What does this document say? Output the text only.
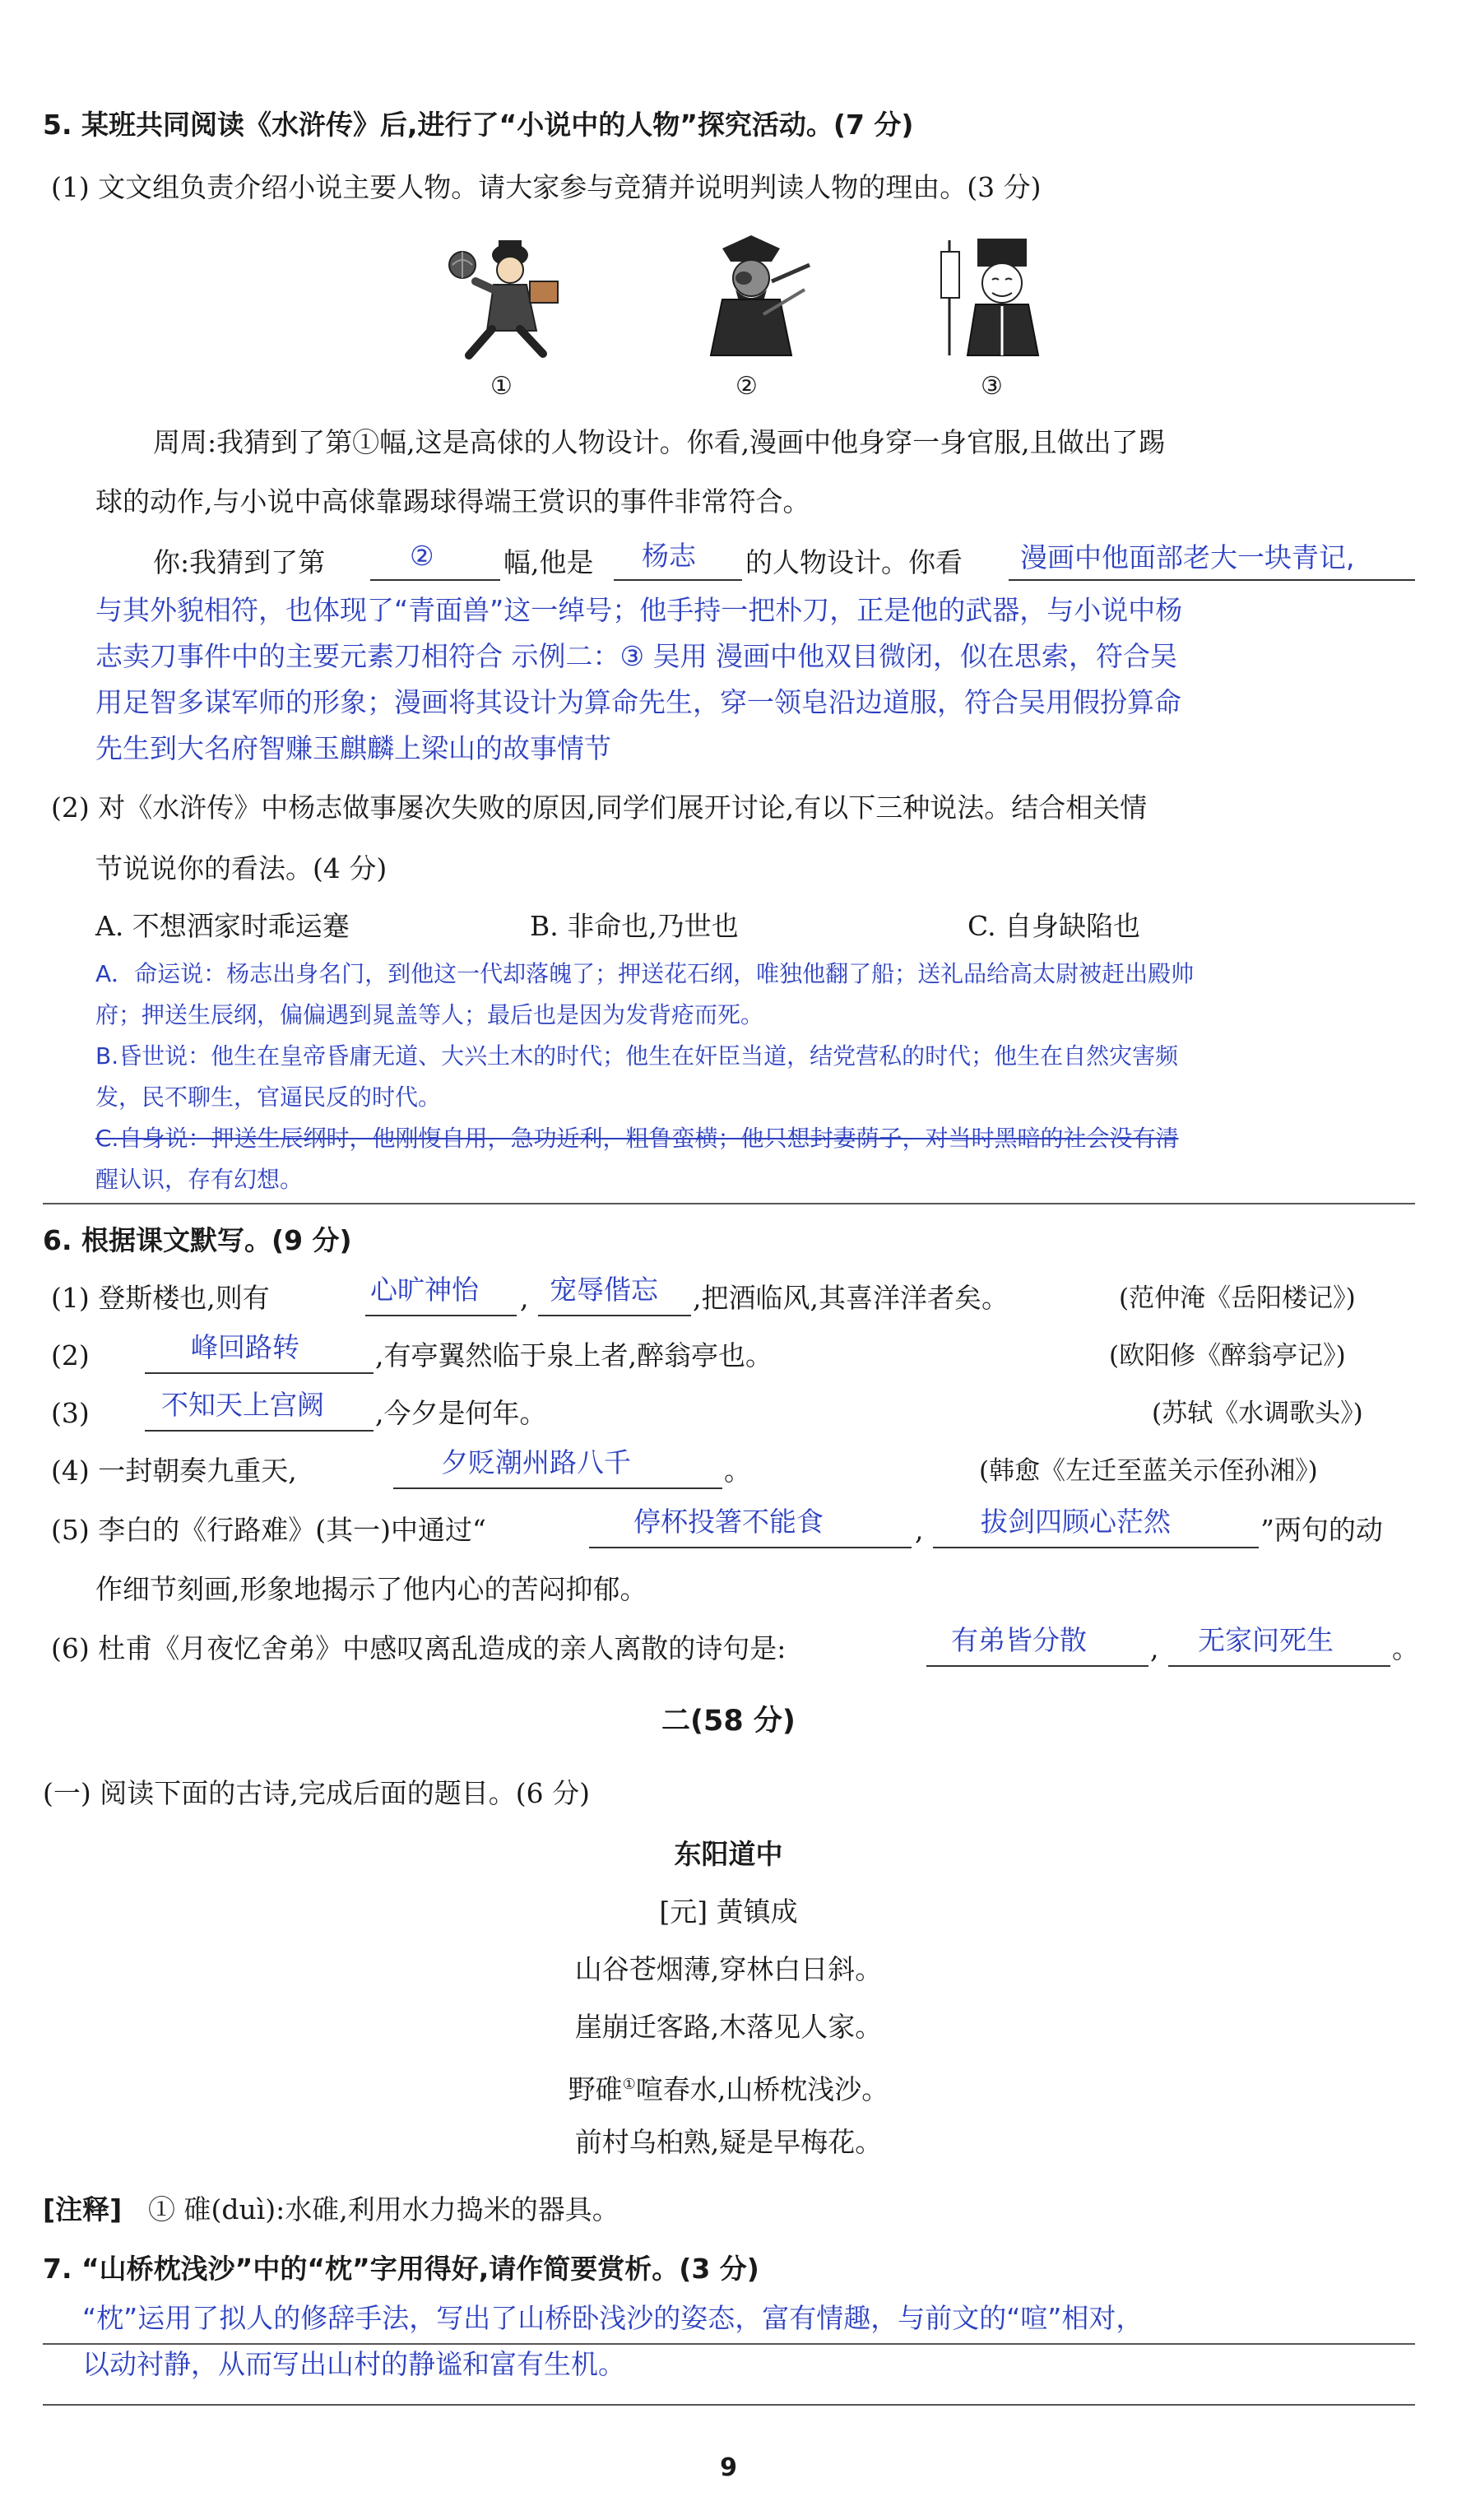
5. 某班共同阅读《水浒传》后,进行了“小说中的人物”探究活动。(7 分)
(1) 文文组负责介绍小说主要人物。请大家参与竞猜并说明判读人物的理由。(3 分)
①	②	③
周周:我猜到了第①幅,这是高俅的人物设计。你看,漫画中他身穿一身官服,且做出了踢
球的动作,与小说中高俅靠踢球得端王赏识的事件非常符合。
你:我猜到了第	②	幅,他是 杨志 的人物设计。你看 漫画中他面部老大一块青记,
与其外貌相符，也体现了“青面兽”这一绰号；他手持一把朴刀，正是他的武器，与小说中杨
志卖刀事件中的主要元素刀相符合 示例二：③ 吴用 漫画中他双目微闭，似在思索，符合吴
用足智多谋军师的形象；漫画将其设计为算命先生，穿一领皂沿边道服，符合吴用假扮算命
先生到大名府智赚玉麒麟上梁山的故事情节
(2) 对《水浒传》中杨志做事屡次失败的原因,同学们展开讨论,有以下三种说法。结合相关情
节说说你的看法。(4 分)
A. 不想洒家时乖运蹇	B. 非命也,乃世也	C. 自身缺陷也
A．命运说：杨志出身名门，到他这一代却落魄了；押送花石纲，唯独他翻了船；送礼品给高太尉被赶出殿帅
府；押送生辰纲，偏偏遇到晁盖等人；最后也是因为发背疮而死。
B.昏世说：他生在皇帝昏庸无道、大兴土木的时代；他生在奸臣当道，结党营私的时代；他生在自然灾害频
发，民不聊生，官逼民反的时代。
C.自身说：押送生辰纲时，他刚愎自用，急功近利，粗鲁蛮横；他只想封妻荫子，对当时黑暗的社会没有清
醒认识，存有幻想。
6. 根据课文默写。(9 分)
(1) 登斯楼也,则有	心旷神怡 , 宠辱偕忘 ,把酒临风,其喜洋洋者矣。	(范仲淹《岳阳楼记》)
(2)	峰回路转	,有亭翼然临于泉上者,醉翁亭也。	(欧阳修《醉翁亭记》)
(3)	不知天上宫阙 ,今夕是何年。	(苏轼《水调歌头》)
(4) 一封朝奏九重天,	夕贬潮州路八千	。	(韩愈《左迁至蓝关示侄孙湘》)
(5) 李白的《行路难》(其一)中通过“	停杯投箸不能食	, 拔剑四顾心茫然	”两句的动
作细节刻画,形象地揭示了他内心的苦闷抑郁。
(6) 杜甫《月夜忆舍弟》中感叹离乱造成的亲人离散的诗句是:	有弟皆分散 , 无家问死生 。
二(58 分)
(一) 阅读下面的古诗,完成后面的题目。(6 分)
东阳道中
[元] 黄镇成
山谷苍烟薄,穿林白日斜。
崖崩迁客路,木落见人家。
野碓①喧春水,山桥枕浅沙。
前村乌桕熟,疑是早梅花。
[注释] ① 碓(duì):水碓,利用水力捣米的器具。
7. “山桥枕浅沙”中的“枕”字用得好,请作简要赏析。(3 分)
“枕”运用了拟人的修辞手法，写出了山桥卧浅沙的姿态，富有情趣，与前文的“喧”相对，
以动衬静，从而写出山村的静谧和富有生机。
9
